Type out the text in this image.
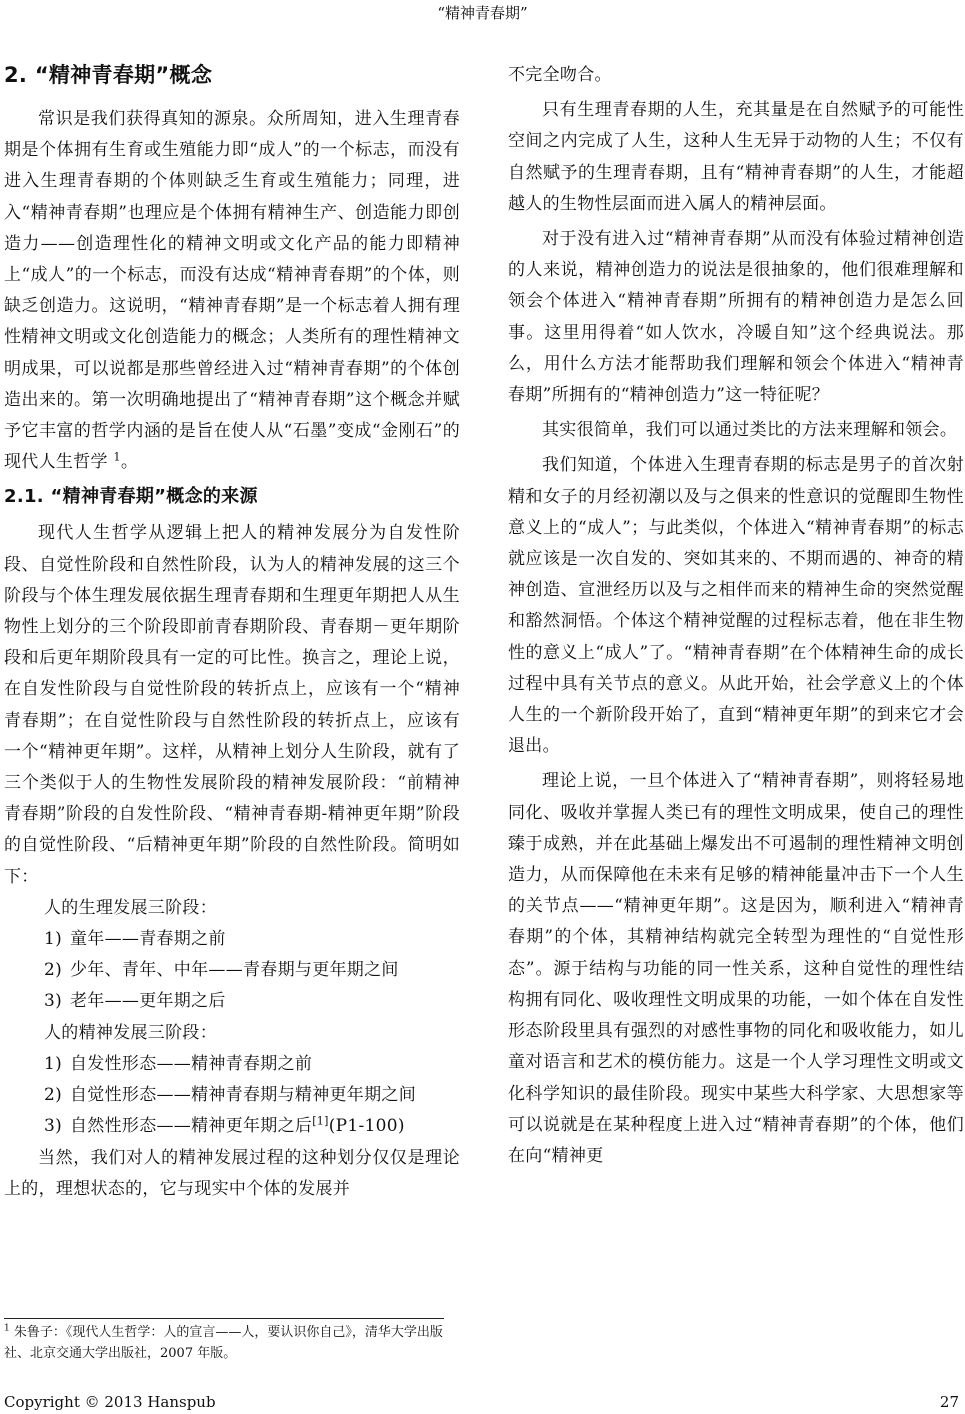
“精神青春期”
2. “精神青春期”概念

常识是我们获得真知的源泉。众所周知，进入生理青春期是个体拥有生育或生殖能力即“成人”的一个标志，而没有进入生理青春期的个体则缺乏生育或生殖能力；同理，进入“精神青春期”也理应是个体拥有精神生产、创造能力即创造力——创造理性化的精神文明或文化产品的能力即精神上“成人”的一个标志，而没有达成“精神青春期”的个体，则缺乏创造力。这说明，“精神青春期”是一个标志着人拥有理性精神文明或文化创造能力的概念；人类所有的理性精神文明成果，可以说都是那些曾经进入过“精神青春期”的个体创造出来的。第一次明确地提出了“精神青春期”这个概念并赋予它丰富的哲学内涵的是旨在使人从“石墨”变成“金刚石”的现代人生哲学 $^1$。

2.1. “精神青春期”概念的来源

现代人生哲学从逻辑上把人的精神发展分为自发性阶段、自觉性阶段和自然性阶段，认为人的精神发展的这三个阶段与个体生理发展依据生理青春期和生理更年期把人从生物性上划分的三个阶段即前青春期阶段、青春期－更年期阶段和后更年期阶段具有一定的可比性。换言之，理论上说，在自发性阶段与自觉性阶段的转折点上，应该有一个“精神青春期”；在自觉性阶段与自然性阶段的转折点上，应该有一个“精神更年期”。这样，从精神上划分人生阶段，就有了三个类似于人的生物性发展阶段的精神发展阶段：“前精神青春期”阶段的自发性阶段、“精神青春期-精神更年期”阶段的自觉性阶段、“后精神更年期”阶段的自然性阶段。简明如下：

人的生理发展三阶段：
1) 童年——青春期之前
2) 少年、青年、中年——青春期与更年期之间
3) 老年——更年期之后
人的精神发展三阶段：
1) 自发性形态——精神青春期之前
2) 自觉性形态——精神青春期与精神更年期之间
3) 自然性形态——精神更年期之后[1](P1-100)

当然，我们对人的精神发展过程的这种划分仅仅是理论上的，理想状态的，它与现实中个体的发展并

不完全吻合。

只有生理青春期的人生，充其量是在自然赋予的可能性空间之内完成了人生，这种人生无异于动物的人生；不仅有自然赋予的生理青春期，且有“精神青春期”的人生，才能超越人的生物性层面而进入属人的精神层面。

对于没有进入过“精神青春期”从而没有体验过精神创造的人来说，精神创造力的说法是很抽象的，他们很难理解和领会个体进入“精神青春期”所拥有的精神创造力是怎么回事。这里用得着“如人饮水，冷暖自知”这个经典说法。那么，用什么方法才能帮助我们理解和领会个体进入“精神青春期”所拥有的“精神创造力”这一特征呢？

其实很简单，我们可以通过类比的方法来理解和领会。

我们知道，个体进入生理青春期的标志是男子的首次射精和女子的月经初潮以及与之俱来的性意识的觉醒即生物性意义上的“成人”；与此类似，个体进入“精神青春期”的标志就应该是一次自发的、突如其来的、不期而遇的、神奇的精神创造、宣泄经历以及与之相伴而来的精神生命的突然觉醒和豁然洞悟。个体这个精神觉醒的过程标志着，他在非生物性的意义上“成人”了。“精神青春期”在个体精神生命的成长过程中具有关节点的意义。从此开始，社会学意义上的个体人生的一个新阶段开始了，直到“精神更年期”的到来它才会退出。

理论上说，一旦个体进入了“精神青春期”，则将轻易地同化、吸收并掌握人类已有的理性文明成果，使自己的理性臻于成熟，并在此基础上爆发出不可遏制的理性精神文明创造力，从而保障他在未来有足够的精神能量冲击下一个人生的关节点——“精神更年期”。这是因为，顺利进入“精神青春期”的个体，其精神结构就完全转型为理性的“自觉性形态”。源于结构与功能的同一性关系，这种自觉性的理性结构拥有同化、吸收理性文明成果的功能，一如个体在自发性形态阶段里具有强烈的对感性事物的同化和吸收能力，如儿童对语言和艺术的模仿能力。这是一个人学习理性文明或文化科学知识的最佳阶段。现实中某些大科学家、大思想家等可以说就是在某种程度上进入过“精神青春期”的个体，他们在向“精神更

$^1$ 朱鲁子：《现代人生哲学：人的宣言——人，要认识你自己》，清华大学出版社、北京交通大学出版社，2007 年版。
Copyright © 2013 Hanspub	27
